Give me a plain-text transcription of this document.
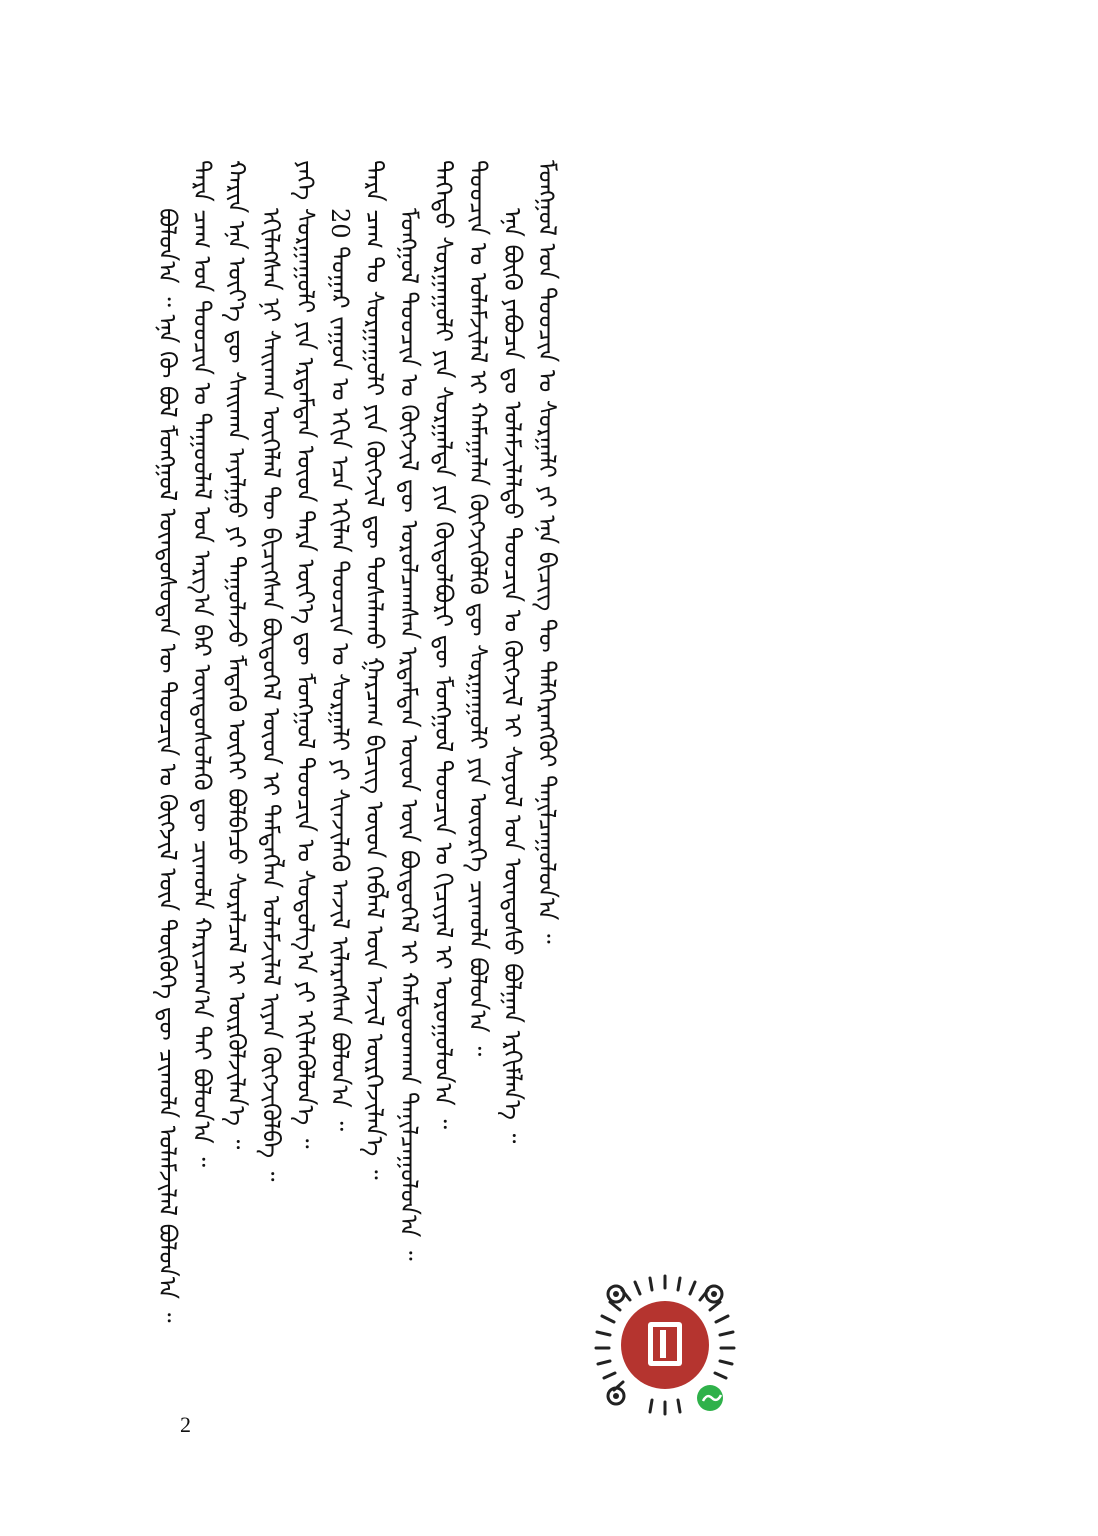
ᠪᠣᠯᠤᠨ᠎ᠠ ᠃ ᠡᠨᠡ ᠬᠦ ᠪᠣᠯ ᠮᠣᠩᠭᠣᠯ ᠦᠨᠳᠦᠰᠦᠲᠡᠨ ᠦ ᠳᠤᠤᠴᠢᠨ ᠤ ᠬᠥᠭᠵᠢᠯ ᠦᠨ ᠲᠦᠭᠦᠬᠡ ᠳᠦ ᠴᠢᠬᠤᠯᠠ ᠤᠯᠠᠮᠵᠢᠯᠠᠯ ᠪᠣᠯᠤᠨ᠎ᠠ ᠃ ᠲᠡᠷᠡ ᠴᠠᠭ ᠤᠨ ᠳᠤᠤᠴᠢᠨ ᠤ ᠳᠠᠭᠤᠤᠯᠠᠯ ᠤᠨ ᠠᠷᠭ᠎ᠠ ᠪᠠᠷ ᠦᠨᠳᠦᠰᠦᠯᠡᠬᠦ ᠳᠦ ᠴᠢᠬᠤᠯᠠ ᠬᠠᠷᠢᠴᠠᠭ᠎ᠠ ᠲᠠᠢ ᠪᠣᠯᠤᠨ᠎ᠠ ᠃ ᠬᠠᠷᠢᠨ ᠡᠨᠡ ᠦᠶ᠎ᠡ ᠳᠦ ᠰᠠᠢᠬᠠᠨ ᠠᠶᠠᠯᠭᠤ ᠶᠢ ᠳᠠᠭᠤᠯᠠᠵᠤ ᠮᠡᠳᠡᠬᠦ ᠦᠭᠡᠢ ᠪᠣᠯᠪᠠᠴᠤ ᠰᠤᠷᠠᠯᠴᠠᠯ ᠢ ᠦᠷᠭᠦᠯᠵᠢᠯᠡᠨ᠎ᠡ ᠃ ᠡᠬᠢᠯᠡᠭᠰᠡᠨ ᠨᠢ ᠰᠠᠢᠬᠠᠨ ᠦᠬᠡᠯᠡᠯ ᠲᠦ ᠪᠢᠴᠢᠭᠰᠡᠨ ᠪᠦᠲᠦᠭᠡᠯ ᠦᠳ ᠢ ᠲᠡᠮᠳᠡᠭᠯᠡᠨ ᠤᠯᠠᠮᠵᠢᠯᠠᠯ ᠢᠶᠠᠨ ᠬᠥᠭᠵᠢᠭᠦᠯᠪᠡ ᠃ ᠶᠡᠬᠡ ᠰᠤᠷᠭᠠᠭᠤᠯᠢ ᠶᠢᠨ ᠡᠷᠳᠡᠮᠲᠡᠨ ᠦᠳ ᠲᠡᠷᠡ ᠦᠶ᠎ᠡ ᠳᠦ ᠮᠣᠩᠭᠣᠯ ᠳᠤᠤᠴᠢᠨ ᠤ ᠰᠤᠳᠤᠯᠭ᠎ᠠ ᠶᠢ ᠡᠬᠢᠯᠡᠭᠦᠯᠦᠨ᠎ᠡ ᠃ 20 ᠳᠤᠭᠠᠷ ᠵᠠᠭᠤᠨ ᠤ ᠡᠬᠢᠨ ᠡᠴᠡ ᠡᠬᠢᠯᠡᠨ ᠳᠤᠤᠴᠢᠨ ᠤ ᠰᠤᠷᠭᠠᠯᠢ ᠶᠢ ᠰᠢᠨᠵᠢᠯᠡᠬᠦ ᠠᠵᠢᠯ ᠢᠯᠡᠷᠡᠭᠰᠡᠨ ᠪᠣᠯᠤᠨ᠎ᠠ ᠃ ᠲᠡᠷᠡ ᠴᠠᠭ ᠲᠤ ᠰᠤᠷᠭᠠᠭᠤᠯᠢ ᠶᠢᠨ ᠬᠥᠭᠵᠢᠯ ᠳᠦ ᠲᠤᠰᠠᠯᠠᠬᠤ ᠭᠠᠷᠴᠠᠭ ᠪᠢᠴᠢᠭ ᠦᠳ ᠬᠡᠪᠯᠡᠯ ᠦᠨ ᠠᠵᠢᠯ ᠦᠷᠭᠡᠵᠢᠯᠡᠨ᠎ᠡ ᠃ ᠮᠣᠩᠭᠣᠯ ᠳᠤᠤᠴᠢᠨ ᠤ ᠬᠥᠭᠵᠢᠯ ᠳᠦ ᠣᠷᠣᠯᠴᠠᠭᠰᠠᠨ ᠡᠷᠳᠡᠮᠲᠡᠨ ᠦᠳ ᠦᠨ ᠪᠦᠲᠦᠭᠡᠯ ᠢ ᠬᠠᠮᠲᠤᠳᠬᠠᠨ ᠲᠠᠨᠢᠯᠴᠠᠭᠤᠯᠤᠨ᠎ᠠ ᠃ ᠳᠡᠭᠡᠳᠦ ᠰᠤᠷᠭᠠᠭᠤᠯᠢ ᠶᠢᠨ ᠰᠤᠷᠭᠠᠯᠲᠠ ᠶᠢᠨ ᠬᠥᠲᠦᠯᠪᠦᠷᠢ ᠳᠦ ᠮᠣᠩᠭᠣᠯ ᠳᠤᠤᠴᠢᠨ ᠤ ᠬᠢᠴᠢᠶᠡᠯ ᠢ ᠣᠷᠣᠭᠤᠯᠤᠨ᠎ᠠ ᠃ ᠳᠤᠤᠴᠢᠨ ᠤ ᠤᠯᠠᠮᠵᠢᠯᠠᠯ ᠢ ᠬᠠᠮᠠᠭᠠᠯᠠᠨ ᠬᠥᠭᠵᠢᠭᠦᠯᠬᠦ ᠳᠦ ᠰᠤᠷᠭᠠᠭᠤᠯᠢ ᠶᠢᠨ ᠦᠦᠷᠭᠡ ᠴᠢᠬᠤᠯᠠ ᠪᠣᠯᠤᠨ᠎ᠠ ᠃ ᠡᠨᠡ ᠪᠦᠬᠦ ᠶᠠᠪᠤᠴᠠ ᠳᠤ ᠤᠯᠠᠮᠵᠢᠯᠠᠯᠲᠤ ᠳᠤᠤᠴᠢᠨ ᠤ ᠬᠥᠭᠵᠢᠯ ᠢ ᠰᠣᠶᠣᠯ ᠤᠨ ᠦᠨᠳᠦᠰᠦ ᠪᠣᠯᠭᠠᠨ ᠡᠷᠬᠢᠮᠯᠡᠨ᠎ᠡ ᠃ ᠮᠣᠩᠭᠣᠯ ᠤᠨ ᠳᠤᠤᠴᠢᠨ ᠤ ᠰᠤᠷᠭᠠᠯᠢ ᠶᠢ ᠡᠨᠡ ᠪᠢᠴᠢᠭ ᠲᠦ ᠳᠡᠯᠭᠡᠷᠡᠩᠭᠦᠢ ᠲᠠᠨᠢᠯᠴᠠᠭᠤᠯᠤᠨ᠎ᠠ ᠃

2
